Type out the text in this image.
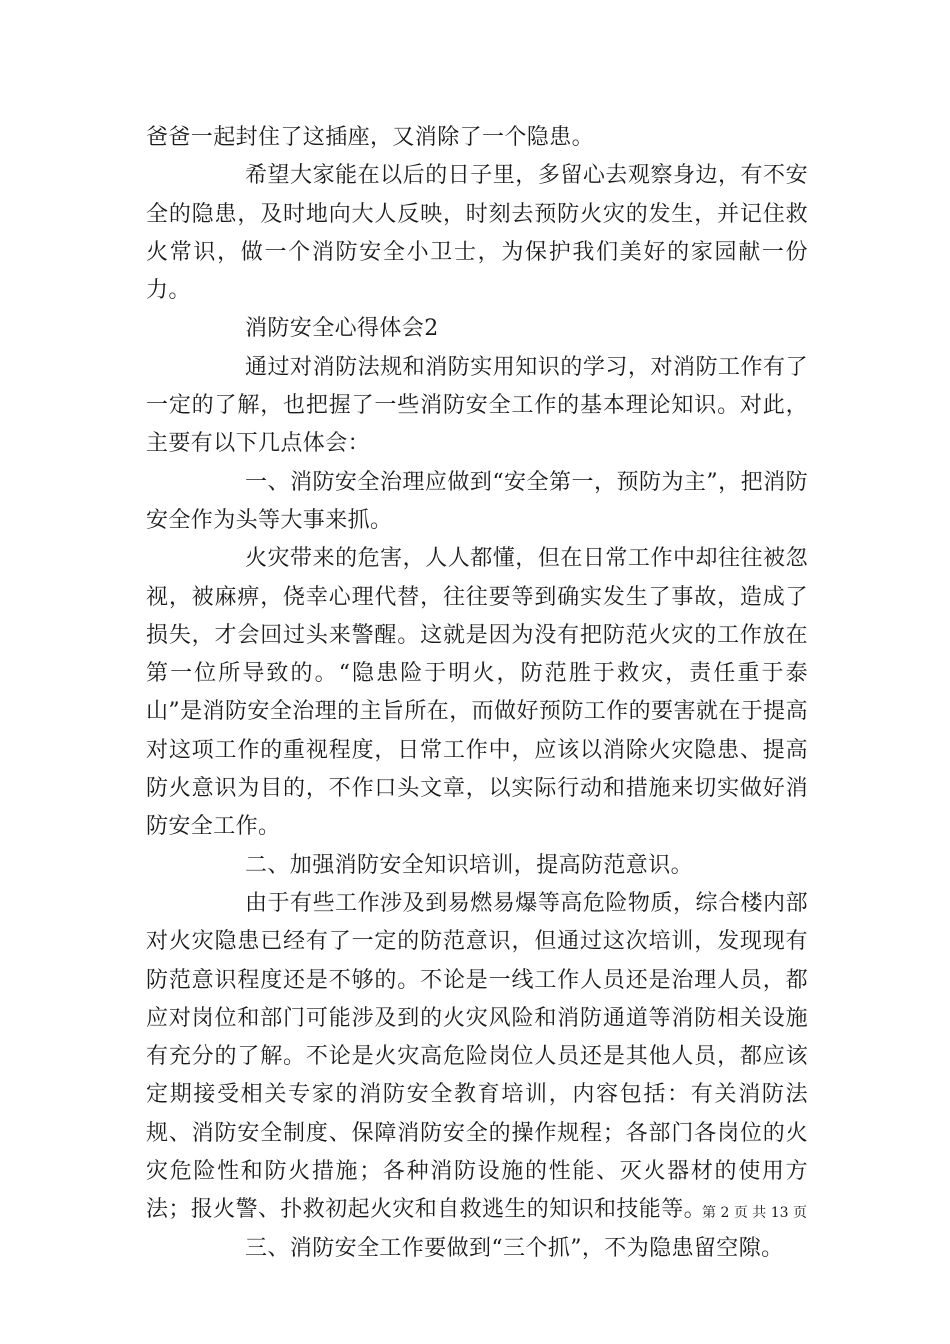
爸爸一起封住了这插座，又消除了一个隐患。

希望大家能在以后的日子里，多留心去观察身边，有不安全的隐患，及时地向大人反映，时刻去预防火灾的发生，并记住救火常识，做一个消防安全小卫士，为保护我们美好的家园献一份力。

消防安全心得体会2

通过对消防法规和消防实用知识的学习，对消防工作有了一定的了解，也把握了一些消防安全工作的基本理论知识。对此，主要有以下几点体会：

一、消防安全治理应做到“安全第一，预防为主”，把消防安全作为头等大事来抓。

火灾带来的危害，人人都懂，但在日常工作中却往往被忽视，被麻痹，侥幸心理代替，往往要等到确实发生了事故，造成了损失，才会回过头来警醒。这就是因为没有把防范火灾的工作放在第一位所导致的。“隐患险于明火，防范胜于救灾，责任重于泰山”是消防安全治理的主旨所在，而做好预防工作的要害就在于提高对这项工作的重视程度，日常工作中，应该以消除火灾隐患、提高防火意识为目的，不作口头文章，以实际行动和措施来切实做好消防安全工作。

二、加强消防安全知识培训，提高防范意识。

由于有些工作涉及到易燃易爆等高危险物质，综合楼内部对火灾隐患已经有了一定的防范意识，但通过这次培训，发现现有防范意识程度还是不够的。不论是一线工作人员还是治理人员，都应对岗位和部门可能涉及到的火灾风险和消防通道等消防相关设施有充分的了解。不论是火灾高危险岗位人员还是其他人员，都应该定期接受相关专家的消防安全教育培训，内容包括：有关消防法规、消防安全制度、保障消防安全的操作规程；各部门各岗位的火灾危险性和防火措施；各种消防设施的性能、灭火器材的使用方法；报火警、扑救初起火灾和自救逃生的知识和技能等。

三、消防安全工作要做到“三个抓”，不为隐患留空隙。

第 2 页 共 13 页
